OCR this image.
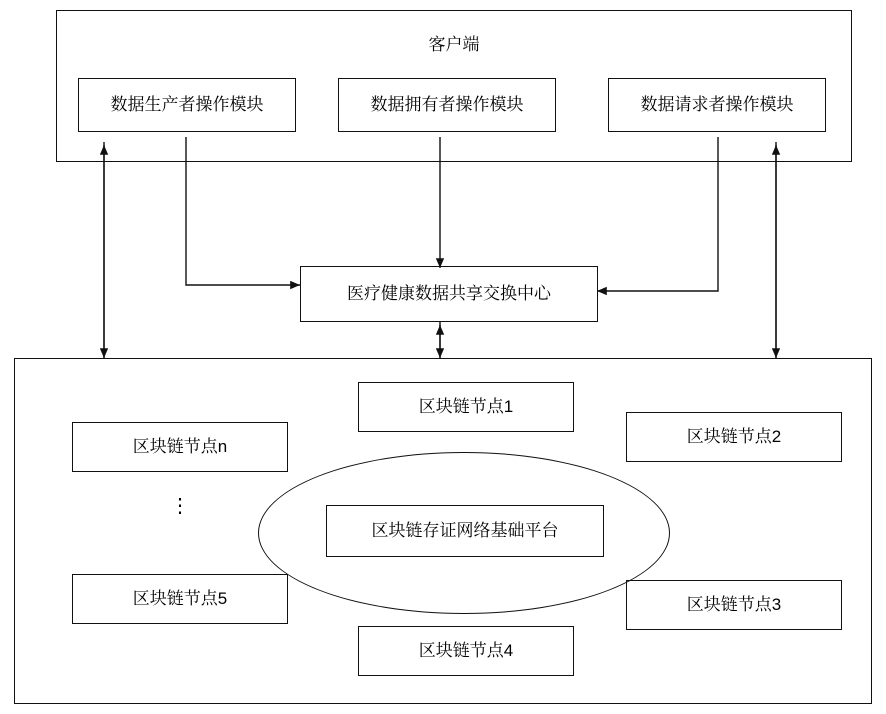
客户端
数据生产者操作模块	数据拥有者操作模块	数据请求者操作模块
医疗健康数据共享交换中心
区块链存证网络基础平台
区块链节点1
区块链节点2
区块链节点3
区块链节点4
区块链节点5
区块链节点n
⋮
